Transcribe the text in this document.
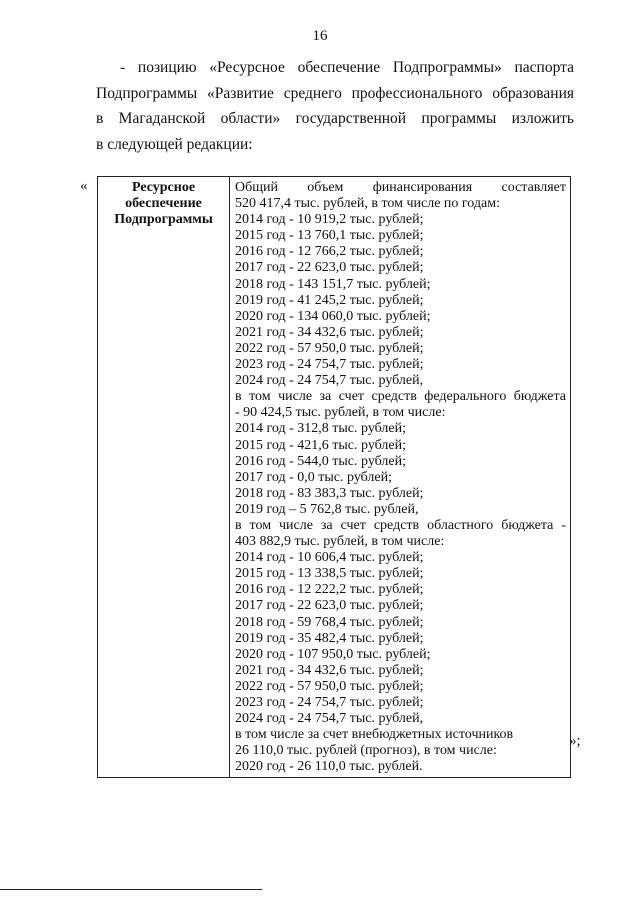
16
- позицию «Ресурсное обеспечение Подпрограммы» паспорта
Подпрограммы «Развитие среднего профессионального образования
в Магаданской области» государственной программы изложить
в следующей редакции:
«	Ресурсное обеспечение Подпрограммы	
Общий объем финансирования составляет
520 417,4 тыс. рублей, в том числе по годам:
2014 год - 10 919,2 тыс. рублей;
2015 год - 13 760,1 тыс. рублей;
2016 год - 12 766,2 тыс. рублей;
2017 год - 22 623,0 тыс. рублей;
2018 год - 143 151,7 тыс. рублей;
2019 год - 41 245,2 тыс. рублей;
2020 год - 134 060,0 тыс. рублей;
2021 год - 34 432,6 тыс. рублей;
2022 год - 57 950,0 тыс. рублей;
2023 год - 24 754,7 тыс. рублей;
2024 год - 24 754,7 тыс. рублей,
в том числе за счет средств федерального бюджета
- 90 424,5 тыс. рублей, в том числе:
2014 год - 312,8 тыс. рублей;
2015 год - 421,6 тыс. рублей;
2016 год - 544,0 тыс. рублей;
2017 год - 0,0 тыс. рублей;
2018 год - 83 383,3 тыс. рублей;
2019 год – 5 762,8 тыс. рублей,
в том числе за счет средств областного бюджета -
403 882,9 тыс. рублей, в том числе:
2014 год - 10 606,4 тыс. рублей;
2015 год - 13 338,5 тыс. рублей;
2016 год - 12 222,2 тыс. рублей;
2017 год - 22 623,0 тыс. рублей;
2018 год - 59 768,4 тыс. рублей;
2019 год - 35 482,4 тыс. рублей;
2020 год - 107 950,0 тыс. рублей;
2021 год - 34 432,6 тыс. рублей;
2022 год - 57 950,0 тыс. рублей;
2023 год - 24 754,7 тыс. рублей;
2024 год - 24 754,7 тыс. рублей,
в том числе за счет внебюджетных источников
26 110,0 тыс. рублей (прогноз), в том числе:
2020 год - 26 110,0 тыс. рублей.
»;
